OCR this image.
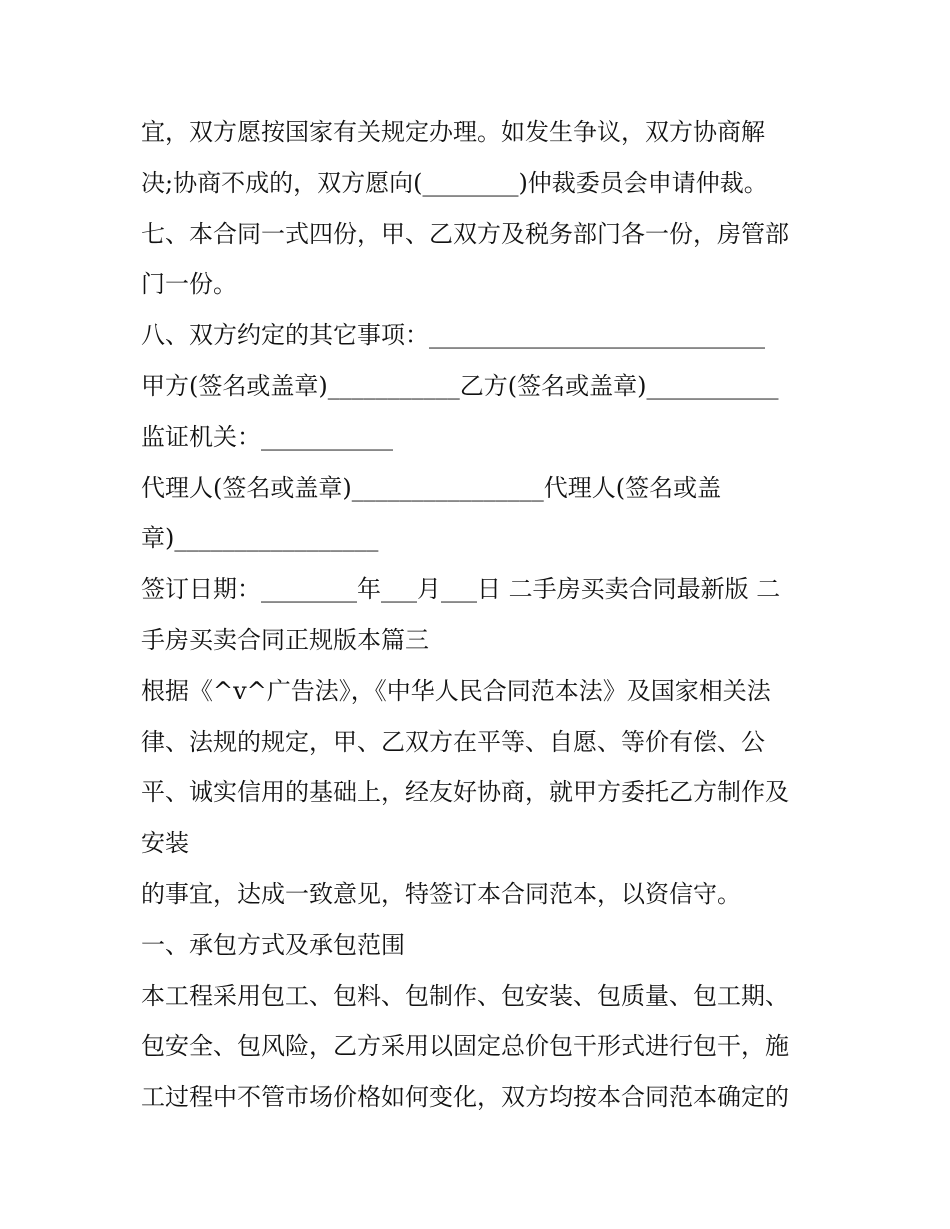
宜，双方愿按国家有关规定办理。如发生争议，双方协商解

决;协商不成的，双方愿向(________)仲裁委员会申请仲裁。

七、本合同一式四份，甲、乙双方及税务部门各一份，房管部

门一份。

八、双方约定的其它事项：____________________________

甲方(签名或盖章)___________乙方(签名或盖章)___________

监证机关：___________

代理人(签名或盖章)________________代理人(签名或盖

章)_________________

签订日期：________年___月___日 二手房买卖合同最新版 二

手房买卖合同正规版本篇三

根据《^v^广告法》，《中华人民合同范本法》及国家相关法

律、法规的规定，甲、乙双方在平等、自愿、等价有偿、公

平、诚实信用的基础上，经友好协商，就甲方委托乙方制作及

安装

的事宜，达成一致意见，特签订本合同范本，以资信守。

一、承包方式及承包范围

本工程采用包工、包料、包制作、包安装、包质量、包工期、

包安全、包风险，乙方采用以固定总价包干形式进行包干，施

工过程中不管市场价格如何变化，双方均按本合同范本确定的
